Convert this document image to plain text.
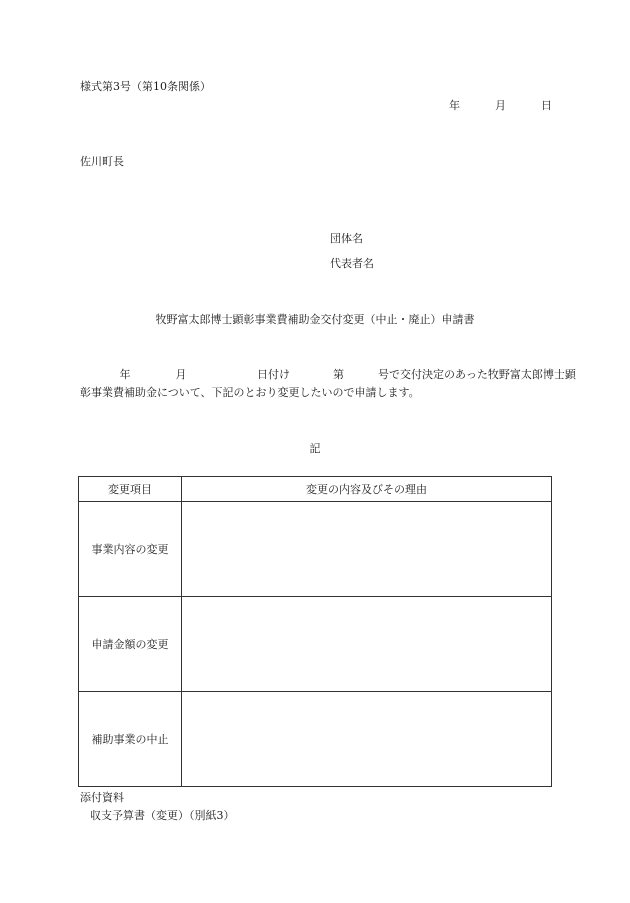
様式第3号（第10条関係）
年	月	日
佐川町長
団体名
代表者名
牧野富太郎博士顕彰事業費補助金交付変更（中止・廃止）申請書
年	月	日付け	第	号で交付決定のあった牧野富太郎博士顕
彰事業費補助金について、下記のとおり変更したいので申請します。
記
変更項目	変更の内容及びその理由
事業内容の変更	
申請金額の変更	
補助事業の中止	
添付資料
収支予算書（変更）（別紙3）
